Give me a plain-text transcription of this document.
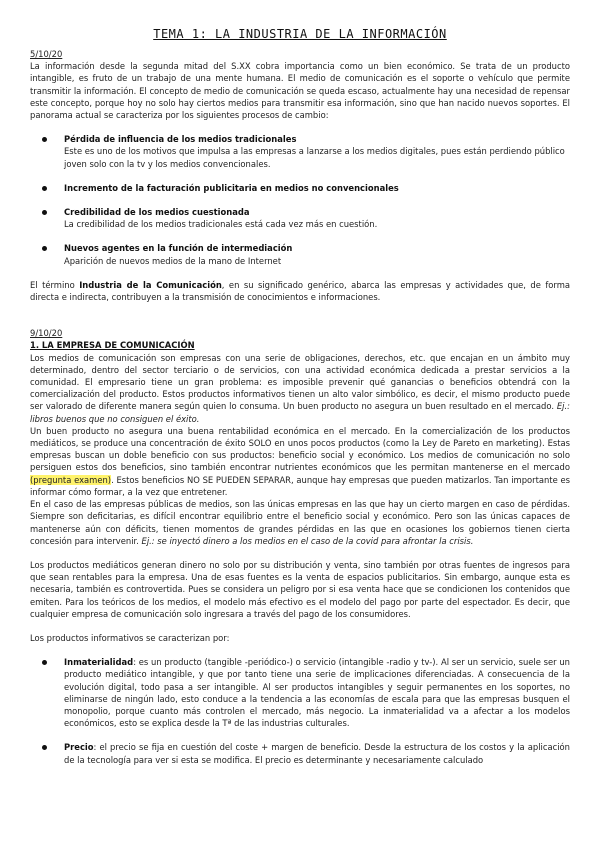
TEMA 1: LA INDUSTRIA DE LA INFORMACIÓN

5/10/20

La información desde la segunda mitad del S.XX cobra importancia como un bien económico. Se trata de un producto intangible, es fruto de un trabajo de una mente humana. El medio de comunicación es el soporte o vehículo que permite transmitir la información. El concepto de medio de comunicación se queda escaso, actualmente hay una necesidad de repensar este concepto, porque hoy no solo hay ciertos medios para transmitir esa información, sino que han nacido nuevos soportes. El panorama actual se caracteriza por los siguientes procesos de cambio:

Pérdida de influencia de los medios tradicionales
Este es uno de los motivos que impulsa a las empresas a lanzarse a los medios digitales, pues están perdiendo público joven solo con la tv y los medios convencionales.
Incremento de la facturación publicitaria en medios no convencionales
Credibilidad de los medios cuestionada
La credibilidad de los medios tradicionales está cada vez más en cuestión.
Nuevos agentes en la función de intermediación
Aparición de nuevos medios de la mano de Internet

El término Industria de la Comunicación, en su significado genérico, abarca las empresas y actividades que, de forma directa e indirecta, contribuyen a la transmisión de conocimientos e informaciones.

9/10/20

1. LA EMPRESA DE COMUNICACIÓN

Los medios de comunicación son empresas con una serie de obligaciones, derechos, etc. que encajan en un ámbito muy determinado, dentro del sector terciario o de servicios, con una actividad económica dedicada a prestar servicios a la comunidad. El empresario tiene un gran problema: es imposible prevenir qué ganancias o beneficios obtendrá con la comercialización del producto. Estos productos informativos tienen un alto valor simbólico, es decir, el mismo producto puede ser valorado de diferente manera según quien lo consuma. Un buen producto no asegura un buen resultado en el mercado. Ej.: libros buenos que no consiguen el éxito.

Un buen producto no asegura una buena rentabilidad económica en el mercado. En la comercialización de los productos mediáticos, se produce una concentración de éxito SOLO en unos pocos productos (como la Ley de Pareto en marketing). Estas empresas buscan un doble beneficio con sus productos: beneficio social y económico. Los medios de comunicación no solo persiguen estos dos beneficios, sino también encontrar nutrientes económicos que les permitan mantenerse en el mercado (pregunta examen). Estos beneficios NO SE PUEDEN SEPARAR, aunque hay empresas que pueden matizarlos. Tan importante es informar cómo formar, a la vez que entretener.

En el caso de las empresas públicas de medios, son las únicas empresas en las que hay un cierto margen en caso de pérdidas. Siempre son deficitarias, es difícil encontrar equilibrio entre el beneficio social y económico. Pero son las únicas capaces de mantenerse aún con déficits, tienen momentos de grandes pérdidas en las que en ocasiones los gobiernos tienen cierta concesión para intervenir. Ej.: se inyectó dinero a los medios en el caso de la covid para afrontar la crisis.

Los productos mediáticos generan dinero no solo por su distribución y venta, sino también por otras fuentes de ingresos para que sean rentables para la empresa. Una de esas fuentes es la venta de espacios publicitarios. Sin embargo, aunque esta es necesaria, también es controvertida. Pues se considera un peligro por si esa venta hace que se condicionen los contenidos que emiten. Para los teóricos de los medios, el modelo más efectivo es el modelo del pago por parte del espectador. Es decir, que cualquier empresa de comunicación solo ingresara a través del pago de los consumidores.

Los productos informativos se caracterizan por:

Inmaterialidad: es un producto (tangible -periódico-) o servicio (intangible -radio y tv-). Al ser un servicio, suele ser un producto mediático intangible, y que por tanto tiene una serie de implicaciones diferenciadas. A consecuencia de la evolución digital, todo pasa a ser intangible. Al ser productos intangibles y seguir permanentes en los soportes, no eliminarse de ningún lado, esto conduce a la tendencia a las economías de escala para que las empresas busquen el monopolio, porque cuanto más controlen el mercado, más negocio. La inmaterialidad va a afectar a los modelos económicos, esto se explica desde la Tª de las industrias culturales.

Precio: el precio se fija en cuestión del coste + margen de beneficio. Desde la estructura de los costos y la aplicación de la tecnología para ver si esta se modifica. El precio es determinante y necesariamente calculado
